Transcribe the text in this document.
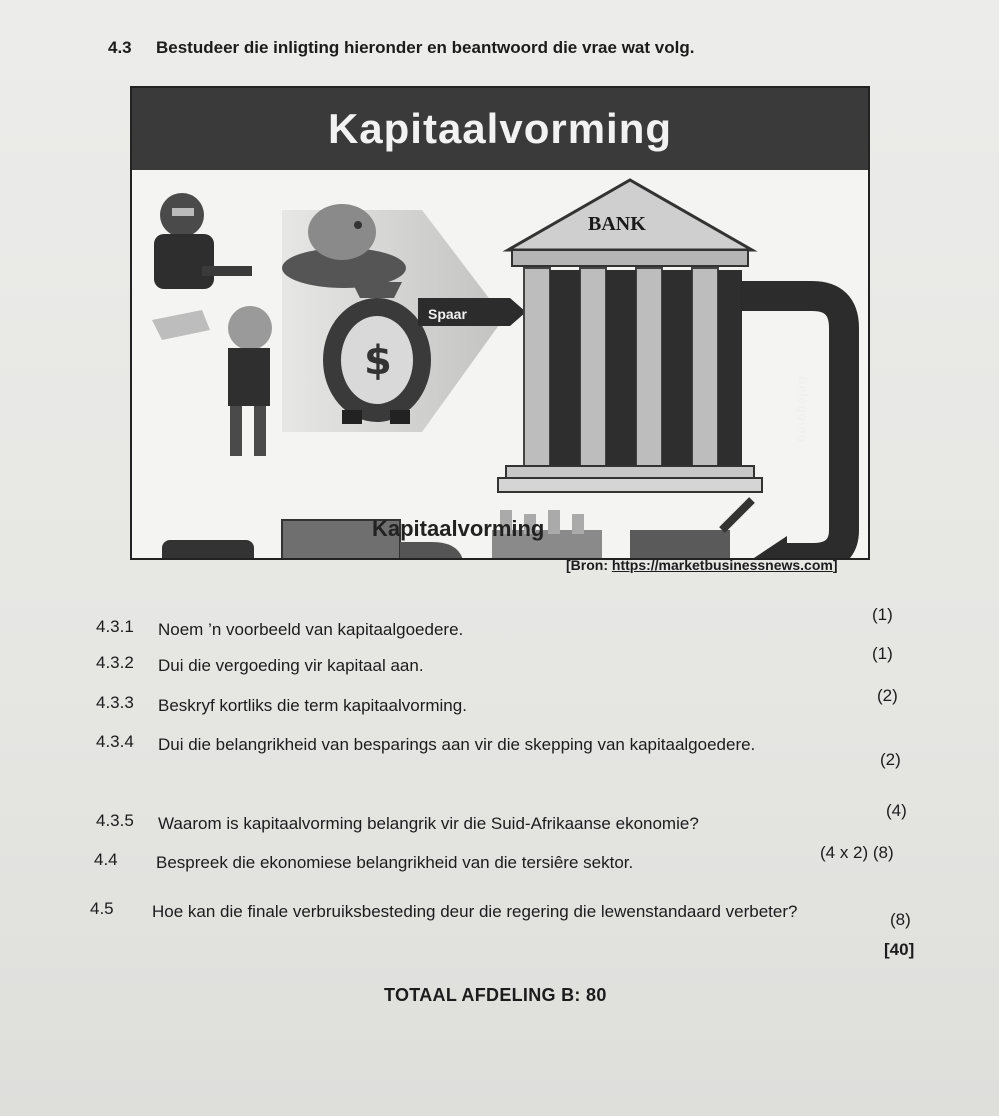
4.3 Bestudeer die inligting hieronder en beantwoord die vrae wat volg.
Kapitaalvorming
$
Spaar
BANK
Belegging
Kapitaalvorming
[Bron: https://marketbusinessnews.com]
4.3.1 Noem ’n voorbeeld van kapitaalgoedere.
(1)
4.3.2 Dui die vergoeding vir kapitaal aan.
(1)
4.3.3 Beskryf kortliks die term kapitaalvorming.
(2)
4.3.4 Dui die belangrikheid van besparings aan vir die skepping van kapitaalgoedere.
(2)
4.3.5 Waarom is kapitaalvorming belangrik vir die Suid-Afrikaanse ekonomie?
(4)
4.4 Bespreek die ekonomiese belangrikheid van die tersiêre sektor.
(4 x 2) (8)
4.5 Hoe kan die finale verbruiksbesteding deur die regering die lewenstandaard verbeter?	(8)
[40]
TOTAAL AFDELING B: 80
